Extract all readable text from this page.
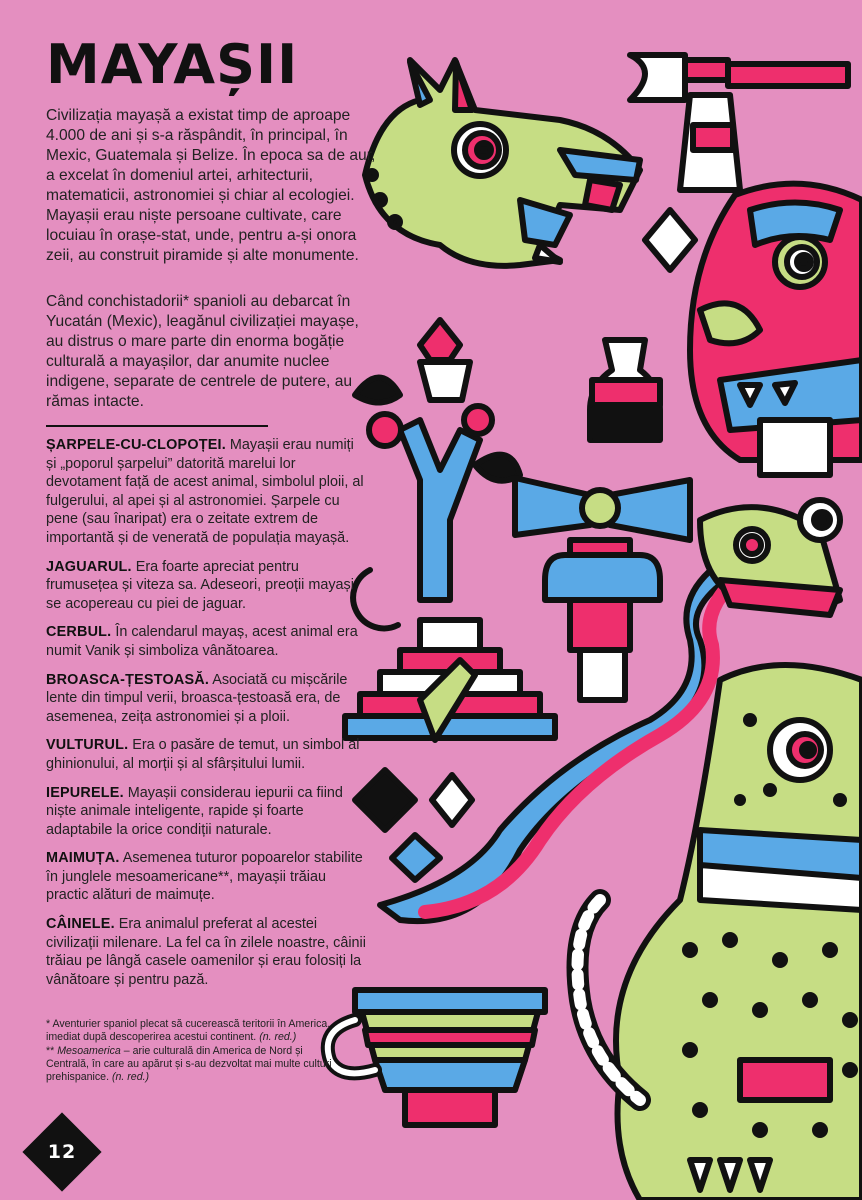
MAYAȘII

Civilizația mayașă a existat timp de aproape 4.000 de ani și s-a răspândit, în principal, în Mexic, Guatemala și Belize. În epoca sa de aur, a excelat în domeniul artei, arhitecturii, matematicii, astronomiei și chiar al ecologiei. Mayașii erau niște persoane cultivate, care locuiau în orașe-stat, unde, pentru a-și onora zeii, au construit piramide și alte monumente.

Când conchistadorii* spanioli au debarcat în Yucatán (Mexic), leagănul civilizației mayașe, au distrus o mare parte din enorma bogăție culturală a mayașilor, dar anumite nuclee indigene, separate de centrele de putere, au rămas intacte.

ȘARPELE-CU-CLOPOȚEI. Mayașii erau numiți și „poporul șarpelui” datorită marelui lor devotament față de acest animal, simbolul ploii, al fulgerului, al apei și al astronomiei. Șarpele cu pene (sau înaripat) era o zeitate extrem de importantă și de venerată de populația mayașă.

JAGUARUL. Era foarte apreciat pentru frumusețea și viteza sa. Adeseori, preoții mayași se acopereau cu piei de jaguar.

CERBUL. În calendarul mayaș, acest animal era numit Vanik și simboliza vânătoarea.

BROASCA-ȚESTOASĂ. Asociată cu mișcările lente din timpul verii, broasca-țestoasă era, de asemenea, zeița astronomiei și a ploii.

VULTURUL. Era o pasăre de temut, un simbol al ghinionului, al morții și al sfârșitului lumii.

IEPURELE. Mayașii considerau iepurii ca fiind niște animale inteligente, rapide și foarte adaptabile la orice condiții naturale.

MAIMUȚA. Asemenea tuturor popoarelor stabilite în junglele mesoamericane**, mayașii trăiau practic alături de maimuțe.

CÂINELE. Era animalul preferat al acestei civilizații milenare. La fel ca în zilele noastre, câinii trăiau pe lângă casele oamenilor și erau folosiți la vânătoare și pentru pază.

* Aventurier spaniol plecat să cucerească teritorii în America, imediat după descoperirea acestui continent. (n. red.)

** Mesoamerica – arie culturală din America de Nord și Centrală, în care au apărut și s-au dezvoltat mai multe culturi prehispanice. (n. red.)

12
